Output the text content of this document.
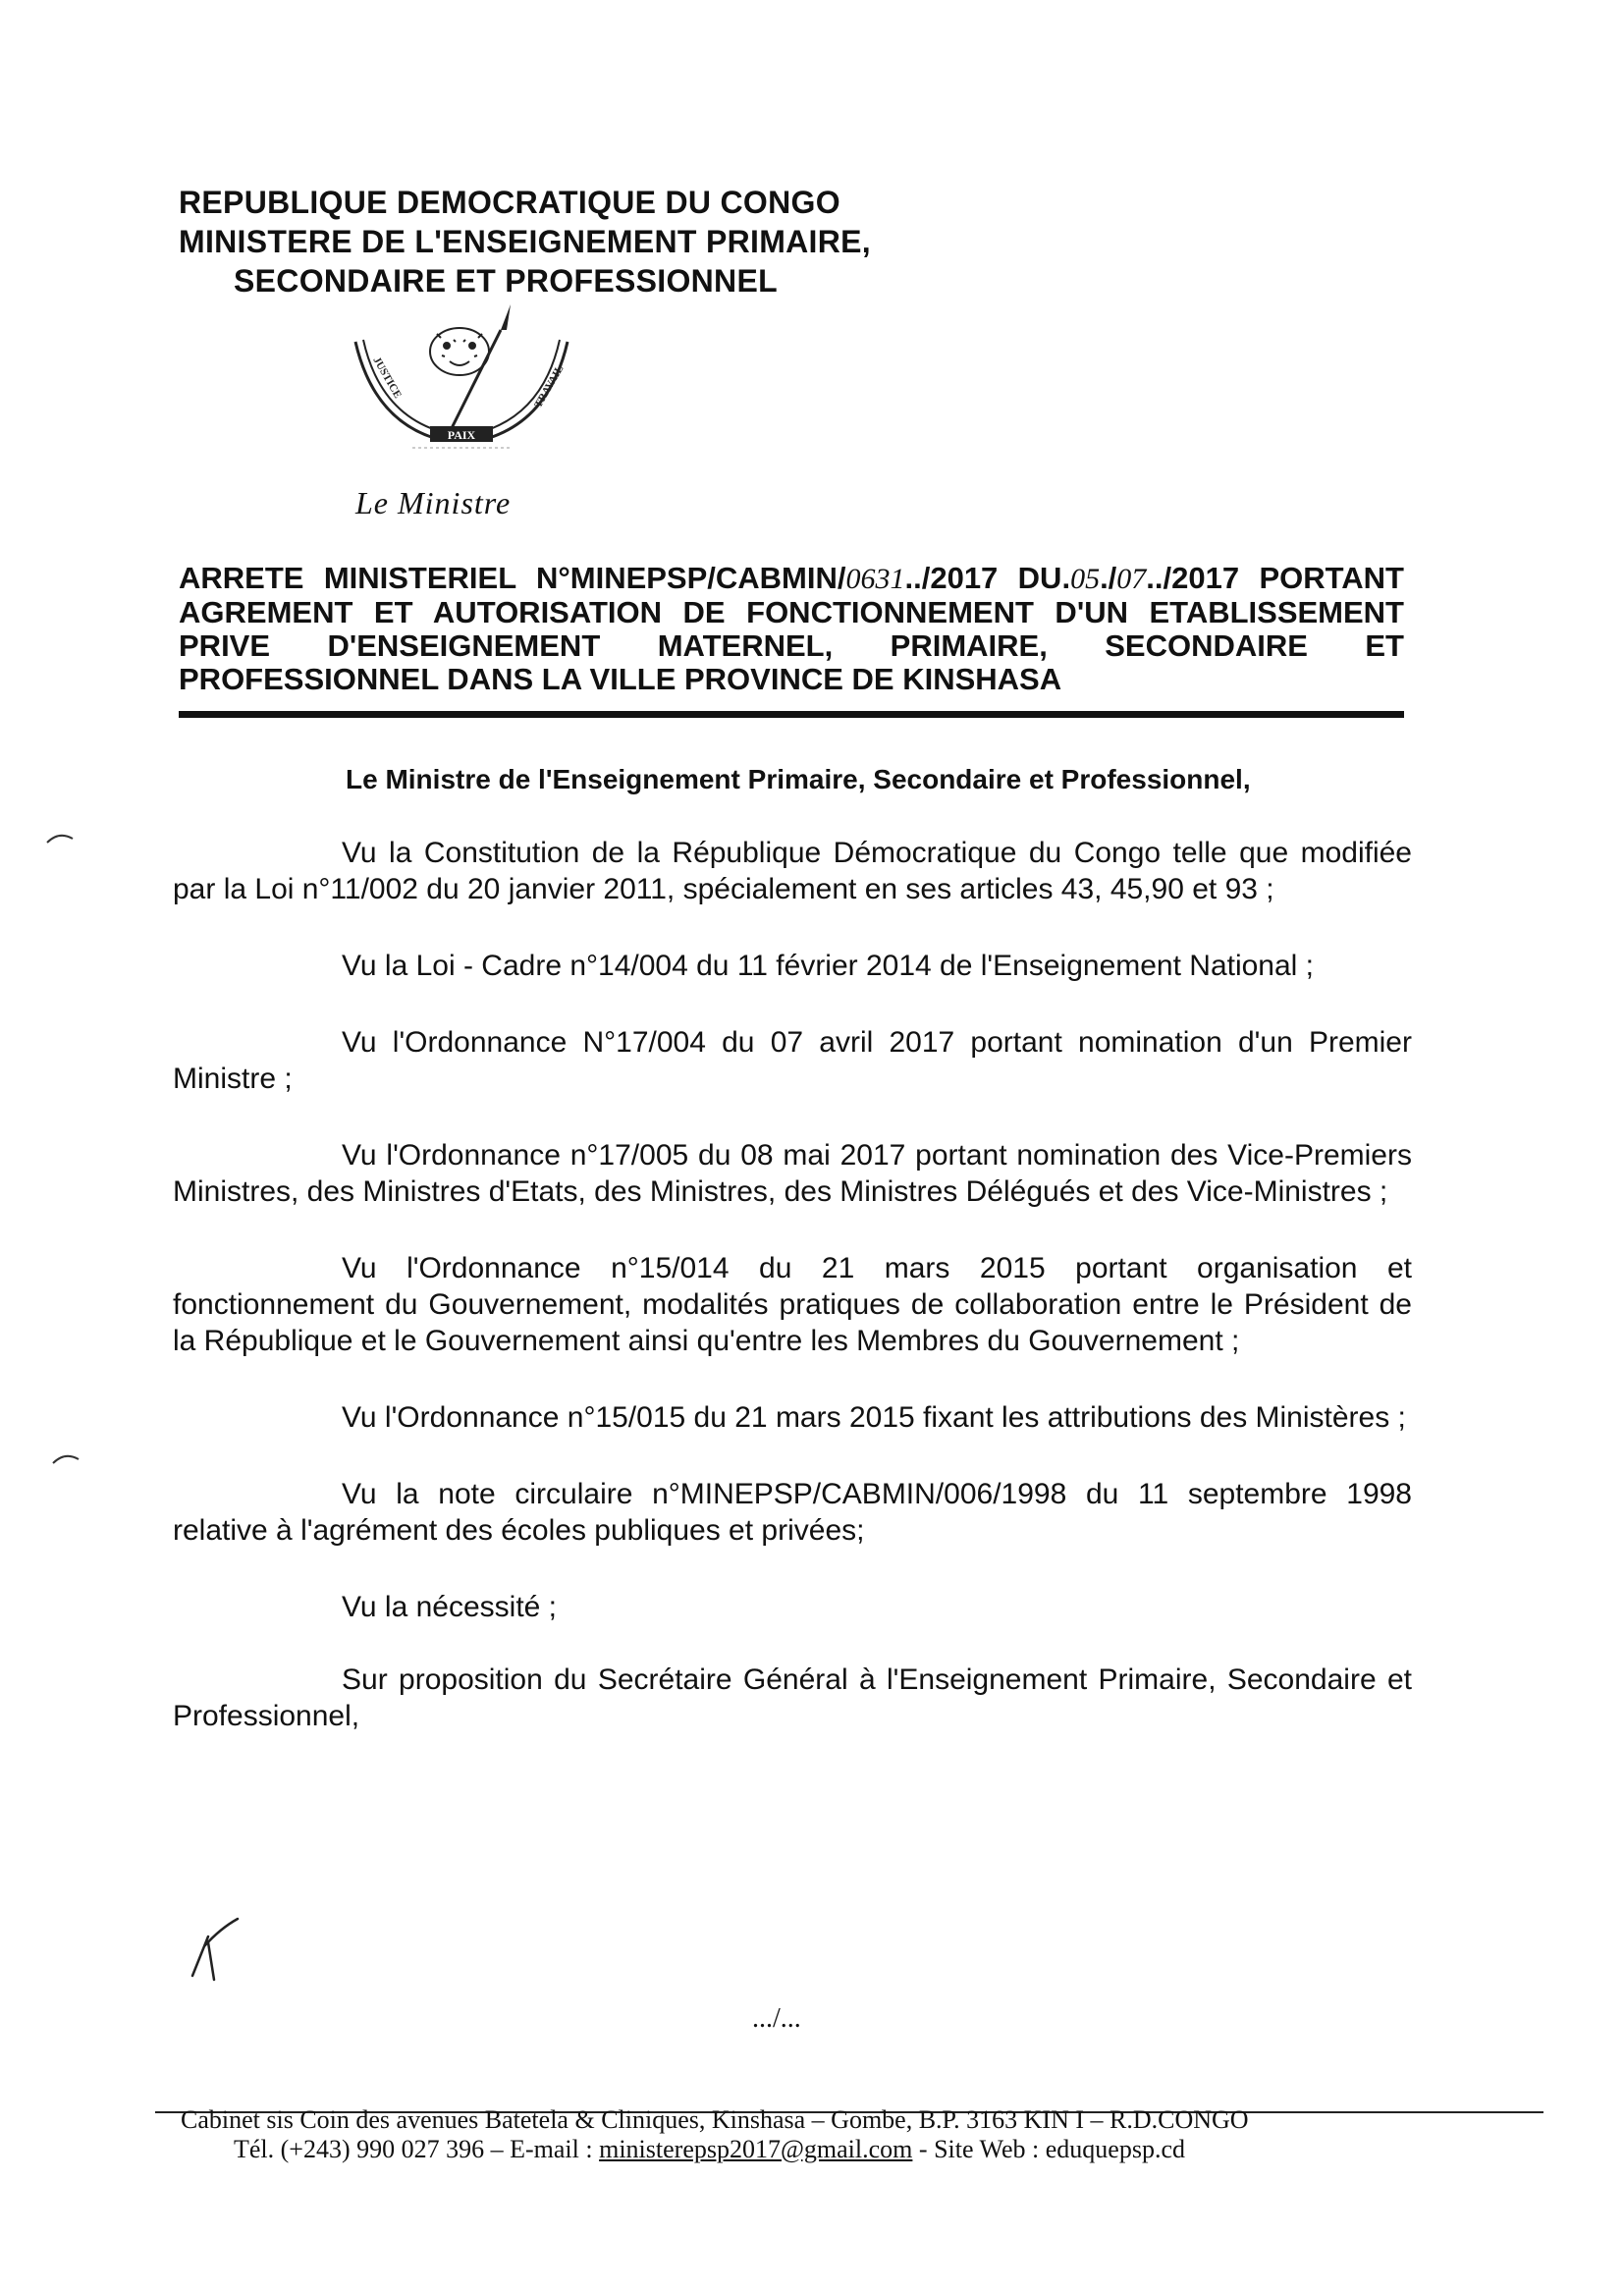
REPUBLIQUE DEMOCRATIQUE DU CONGO

MINISTERE DE L'ENSEIGNEMENT PRIMAIRE,
SECONDAIRE ET PROFESSIONNEL
PAIX
JUSTICE	TRAVAIL
Le Ministre
ARRETE MINISTERIEL N°MINEPSP/CABMIN/0631../2017 DU.05./07../2017 PORTANT
AGREMENT ET AUTORISATION DE FONCTIONNEMENT D'UN ETABLISSEMENT
PRIVE D'ENSEIGNEMENT MATERNEL, PRIMAIRE, SECONDAIRE ET
PROFESSIONNEL DANS LA VILLE PROVINCE DE KINSHASA
Le Ministre de l'Enseignement Primaire, Secondaire et Professionnel,

Vu la Constitution de la République Démocratique du Congo telle que modifiée par la Loi n°11/002 du 20 janvier 2011, spécialement en ses articles 43, 45,90 et 93 ;

Vu la Loi - Cadre n°14/004 du 11 février 2014 de l'Enseignement National ;

Vu l'Ordonnance N°17/004 du 07 avril 2017 portant nomination d'un Premier Ministre ;

Vu l'Ordonnance n°17/005 du 08 mai 2017 portant nomination des Vice-Premiers Ministres, des Ministres d'Etats, des Ministres, des Ministres Délégués et des Vice-Ministres ;

Vu l'Ordonnance n°15/014 du 21 mars 2015 portant organisation et fonctionnement du Gouvernement, modalités pratiques de collaboration entre le Président de la République et le Gouvernement ainsi qu'entre les Membres du Gouvernement ;

Vu l'Ordonnance n°15/015 du 21 mars 2015 fixant les attributions des Ministères ;

Vu la note circulaire n°MINEPSP/CABMIN/006/1998 du 11 septembre 1998 relative à l'agrément des écoles publiques et privées;

Vu la nécessité ;

Sur proposition du Secrétaire Général à l'Enseignement Primaire, Secondaire et Professionnel,

.../...
Cabinet sis Coin des avenues Batetela & Cliniques, Kinshasa – Gombe, B.P. 3163 KIN I – R.D.CONGO
Tél. (+243) 990 027 396 – E-mail : ministerepsp2017@gmail.com - Site Web : eduquepsp.cd
